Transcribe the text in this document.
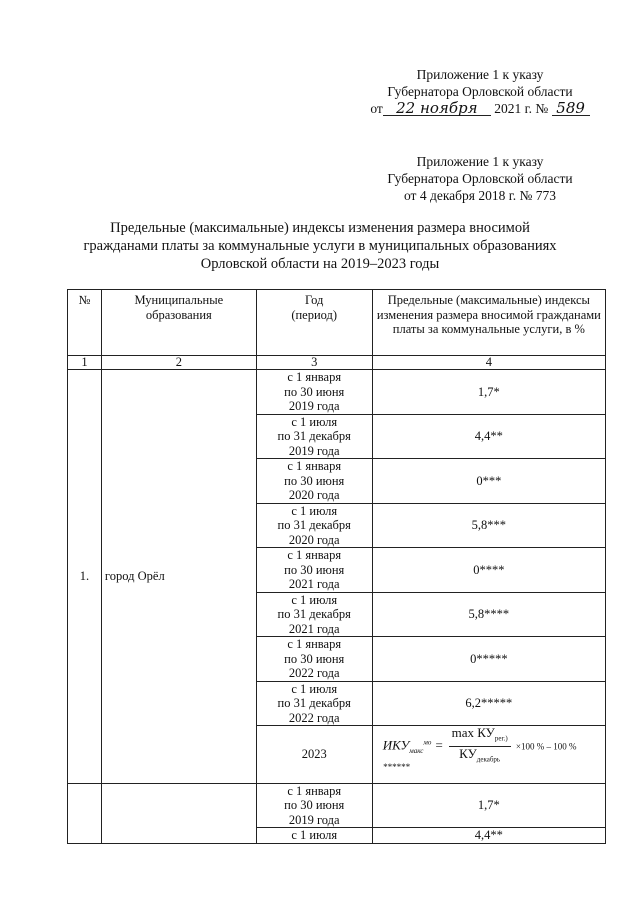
Приложение 1 к указу
Губернатора Орловской области
от 22 ноября 2021 г. № 589
Приложение 1 к указу
Губернатора Орловской области
от 4 декабря 2018 г. № 773
Предельные (максимальные) индексы изменения размера вносимой
гражданами платы за коммунальные услуги в муниципальных образованиях
Орловской области на 2019–2023 годы
№	Муниципальные образования	Год (период)	Предельные (максимальные) индексы изменения размера вносимой гражданами платы за коммунальные услуги, в %
1	2	3	4
1.	город Орёл	с 1 января
по 30 июня
2019 года	1,7*

		с 1 июля
по 31 декабря
2019 года	4,4**

		с 1 января
по 30 июня
2020 года	0***

		с 1 июля
по 31 декабря
2020 года	5,8***

		с 1 января
по 30 июня
2021 года	0****

		с 1 июля
по 31 декабря
2021 года	5,8****

		с 1 января
по 30 июня
2022 года	0*****

		с 1 июля
по 31 декабря
2022 года	6,2*****
		2023	$ИКУ_{макс}^{мо} = \frac{\max КУ_{рег.)}}{КУ_{декабрь}} \times 100$ % – 100 % ******

		с 1 января
по 30 июня
2019 года	1,7*

		с 1 июля	4,4**
